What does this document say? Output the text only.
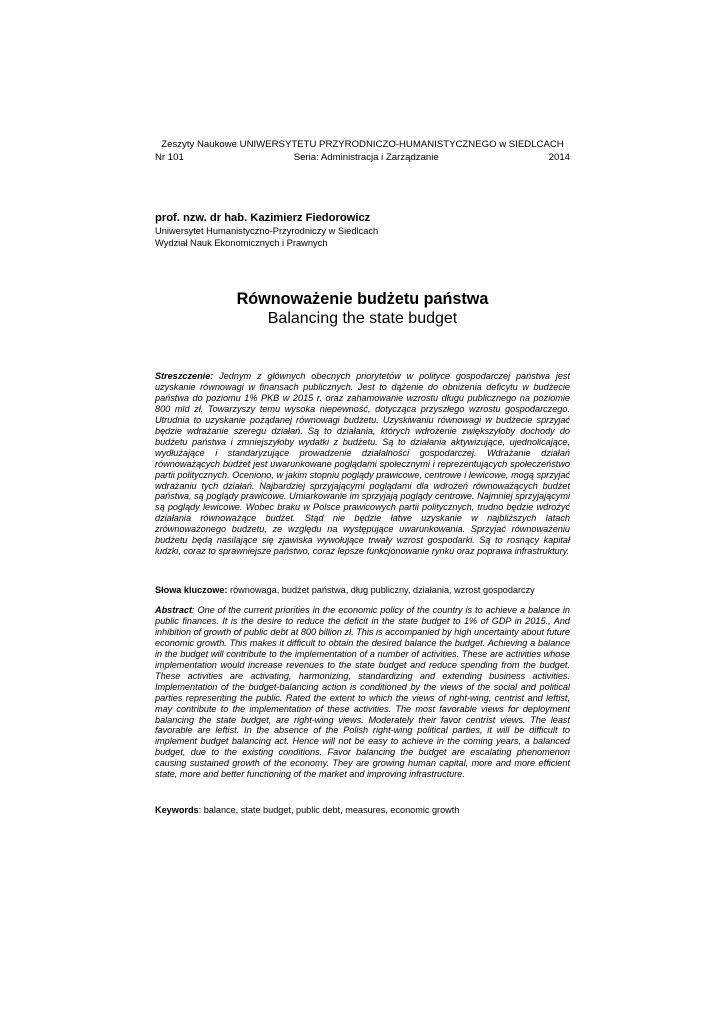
Zeszyty Naukowe UNIWERSYTETU PRZYRODNICZO-HUMANISTYCZNEGO w SIEDLCACH
Nr 101	Seria: Administracja i Zarządzanie	2014
prof. nzw. dr hab. Kazimierz Fiedorowicz
Uniwersytet Humanistyczno-Przyrodniczy w Siedlcach
Wydział Nauk Ekonomicznych i Prawnych
Równoważenie budżetu państwa
Balancing the state budget
Streszczenie: Jednym z głównych obecnych priorytetów w polityce gospodarczej państwa jest uzyskanie równowagi w finansach publicznych. Jest to dążenie do obniżenia deficytu w budżecie państwa do poziomu 1% PKB w 2015 r. oraz zahamowanie wzrostu długu publicznego na poziomie 800 mld zł. Towarzyszy temu wysoka niepewność, dotycząca przyszłego wzrostu gospodarczego. Utrudnia to uzyskanie pożądanej równowagi budżetu. Uzyskiwaniu równowagi w budżecie sprzyjać będzie wdrażanie szeregu działań. Są to działania, których wdrożenie zwiększyłoby dochody do budżetu państwa i zmniejszyłoby wydatki z budżetu. Są to działania aktywizujące, ujednolicające, wydłużające i standaryzujące prowadzenie działalności gospodarczej. Wdrażanie działań równoważących budżet jest uwarunkowane poglądami społecznymi i reprezentujących społeczeństwo partii politycznych. Oceniono, w jakim stopniu poglądy prawicowe, centrowe i lewicowe, mogą sprzyjać wdrażaniu tych działań. Najbardziej sprzyjającymi poglądami dla wdrożeń równoważących budżet państwa, są poglądy prawicowe. Umiarkowanie im sprzyjają poglądy centrowe. Najmniej sprzyjającymi są poglądy lewicowe. Wobec braku w Polsce prawicowych partii politycznych, trudno będzie wdrożyć działania równoważące budżet. Stąd nie będzie łatwe uzyskanie w najbliższych latach zrównoważonego budżetu, ze względu na występujące uwarunkowania. Sprzyjać równoważeniu budżetu będą nasilające się zjawiska wywołujące trwały wzrost gospodarki. Są to rosnący kapitał ludzki, coraz to sprawniejsze państwo, coraz lepsze funkcjonowanie rynku oraz poprawa infrastruktury.
Słowa kluczowe: równowaga, budżet państwa, dług publiczny, działania, wzrost gospodarczy
Abstract: One of the current priorities in the economic policy of the country is to achieve a balance in public finances. It is the desire to reduce the deficit in the state budget to 1% of GDP in 2015., And inhibition of growth of public debt at 800 billion zł. This is accompanied by high uncertainty about future economic growth. This makes it difficult to obtain the desired balance the budget. Achieving a balance in the budget will contribute to the implementation of a number of activities. These are activities whose implementation would increase revenues to the state budget and reduce spending from the budget. These activities are activating, harmonizing, standardizing and extending business activities. Implementation of the budget-balancing action is conditioned by the views of the social and political parties representing the public. Rated the extent to which the views of right-wing, centrist and leftist, may contribute to the implementation of these activities. The most favorable views for deployment balancing the state budget, are right-wing views. Moderately their favor centrist views. The least favorable are leftist. In the absence of the Polish right-wing political parties, it will be difficult to implement budget balancing act. Hence will not be easy to achieve in the coming years, a balanced budget, due to the existing conditions. Favor balancing the budget are escalating phenomenon causing sustained growth of the economy. They are growing human capital, more and more efficient state, more and better functioning of the market and improving infrastructure.
Keywords: balance, state budget, public debt, measures, economic growth
